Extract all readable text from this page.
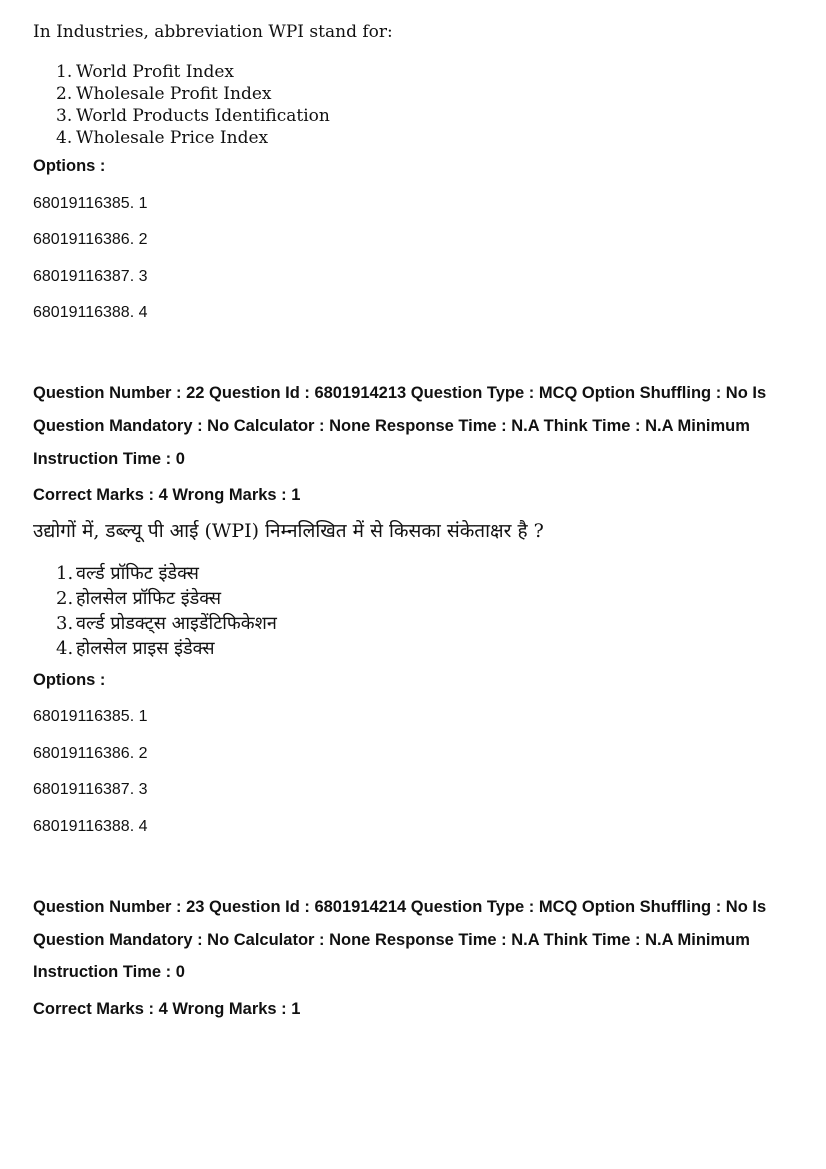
In Industries, abbreviation WPI stand for:
1. World Profit Index
2. Wholesale Profit Index
3. World Products Identification
4. Wholesale Price Index
Options :
68019116385. 1
68019116386. 2
68019116387. 3
68019116388. 4
Question Number : 22 Question Id : 6801914213 Question Type : MCQ Option Shuffling : No Is
Question Mandatory : No Calculator : None Response Time : N.A Think Time : N.A Minimum
Instruction Time : 0
Correct Marks : 4 Wrong Marks : 1
उद्योगों में, डब्ल्यू पी आई (WPI) निम्नलिखित में से किसका संकेताक्षर है ?
1. वर्ल्ड प्रॉफिट इंडेक्स
2. होलसेल प्रॉफिट इंडेक्स
3. वर्ल्ड प्रोडक्ट्स आइडेंटिफिकेशन
4. होलसेल प्राइस इंडेक्स
Options :
68019116385. 1
68019116386. 2
68019116387. 3
68019116388. 4
Question Number : 23 Question Id : 6801914214 Question Type : MCQ Option Shuffling : No Is
Question Mandatory : No Calculator : None Response Time : N.A Think Time : N.A Minimum
Instruction Time : 0
Correct Marks : 4 Wrong Marks : 1
